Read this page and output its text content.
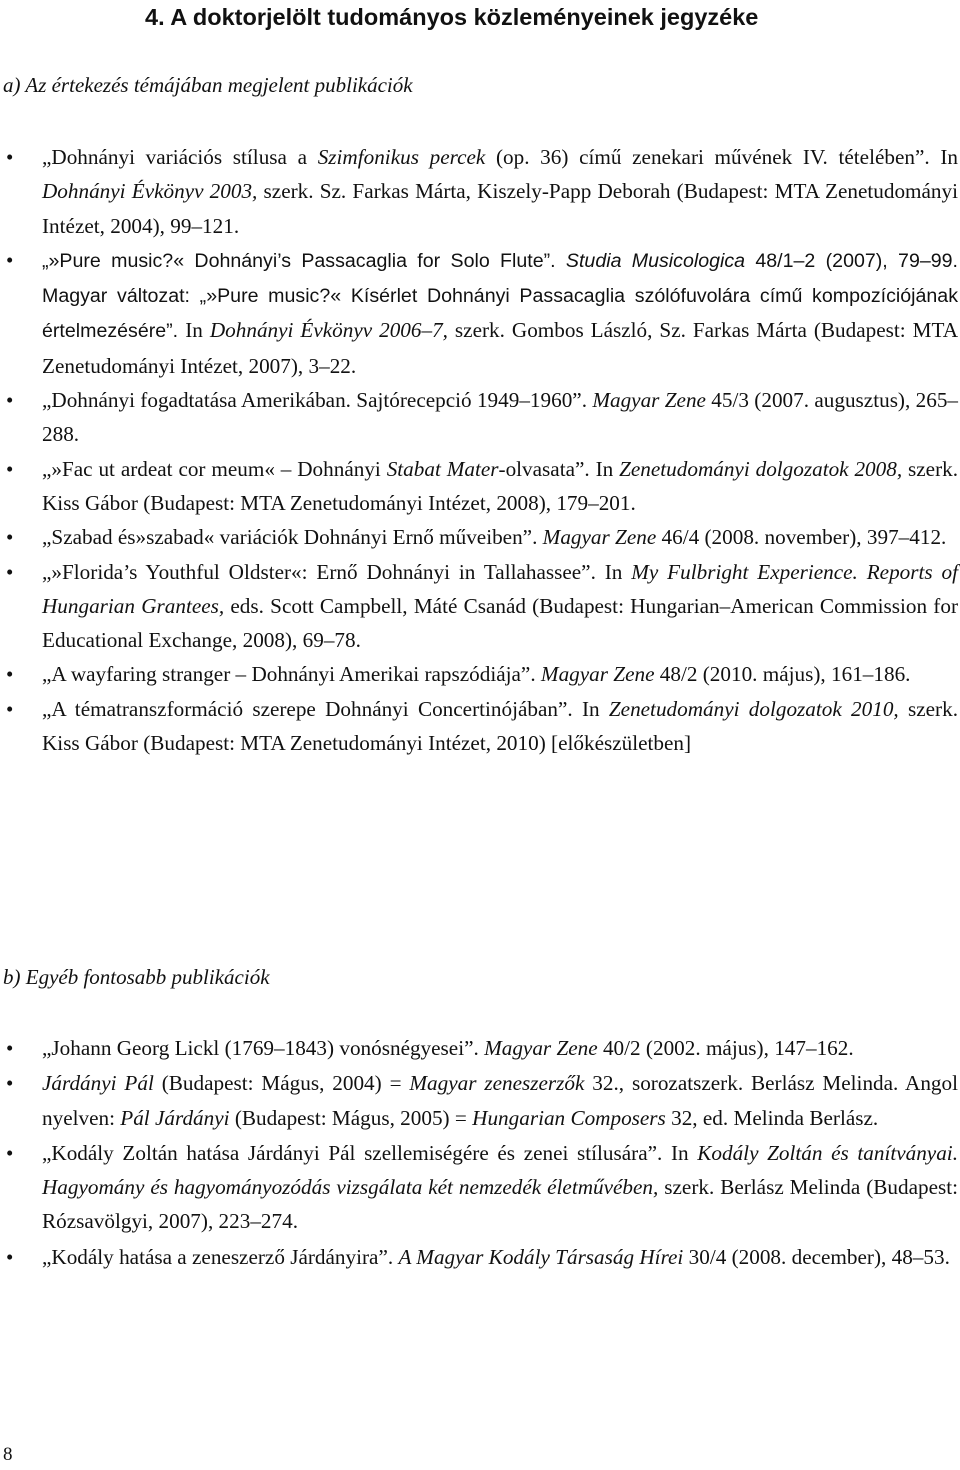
4. A doktorjelölt tudományos közleményeinek jegyzéke
a) Az értekezés témájában megjelent publikációk
• „Dohnányi variációs stílusa a Szimfonikus percek (op. 36) című zenekari művének IV. tételében”. In Dohnányi Évkönyv 2003, szerk. Sz. Farkas Márta, Kiszely-Papp Deborah (Budapest: MTA Zenetudományi Intézet, 2004), 99–121.
• „»Pure music?« Dohnányi’s Passacaglia for Solo Flute”. Studia Musicologica 48/1–2 (2007), 79–99. Magyar változat: „»Pure music?« Kísérlet Dohnányi Passacaglia szólófuvolára című kompozíciójának értelmezésére”. In Dohnányi Évkönyv 2006–7, szerk. Gombos László, Sz. Farkas Márta (Budapest: MTA Zenetudományi Intézet, 2007), 3–22.
• „Dohnányi fogadtatása Amerikában. Sajtórecepció 1949–1960”. Magyar Zene 45/3 (2007. augusztus), 265–288.
• „»Fac ut ardeat cor meum« – Dohnányi Stabat Mater-olvasata”. In Zenetudományi dolgozatok 2008, szerk. Kiss Gábor (Budapest: MTA Zenetudományi Intézet, 2008), 179–201.
• „Szabad és»szabad« variációk Dohnányi Ernő műveiben”. Magyar Zene 46/4 (2008. november), 397–412.
• „»Florida’s Youthful Oldster«: Ernő Dohnányi in Tallahassee”. In My Fulbright Experience. Reports of Hungarian Grantees, eds. Scott Campbell, Máté Csanád (Budapest: Hungarian–American Commission for Educational Exchange, 2008), 69–78.
• „A wayfaring stranger – Dohnányi Amerikai rapszódiája”. Magyar Zene 48/2 (2010. május), 161–186.
• „A tématranszformáció szerepe Dohnányi Concertinójában”. In Zenetudományi dolgozatok 2010, szerk. Kiss Gábor (Budapest: MTA Zenetudományi Intézet, 2010) [előkészületben]
b) Egyéb fontosabb publikációk
• „Johann Georg Lickl (1769–1843) vonósnégyesei”. Magyar Zene 40/2 (2002. május), 147–162.
• Járdányi Pál (Budapest: Mágus, 2004) = Magyar zeneszerzők 32., sorozatszerk. Berlász Melinda. Angol nyelven: Pál Járdányi (Budapest: Mágus, 2005) = Hungarian Composers 32, ed. Melinda Berlász.
• „Kodály Zoltán hatása Járdányi Pál szellemiségére és zenei stílusára”. In Kodály Zoltán és tanítványai. Hagyomány és hagyományozódás vizsgálata két nemzedék életművében, szerk. Berlász Melinda (Budapest: Rózsavölgyi, 2007), 223–274.
• „Kodály hatása a zeneszerző Járdányira”. A Magyar Kodály Társaság Hírei 30/4 (2008. december), 48–53.
8
